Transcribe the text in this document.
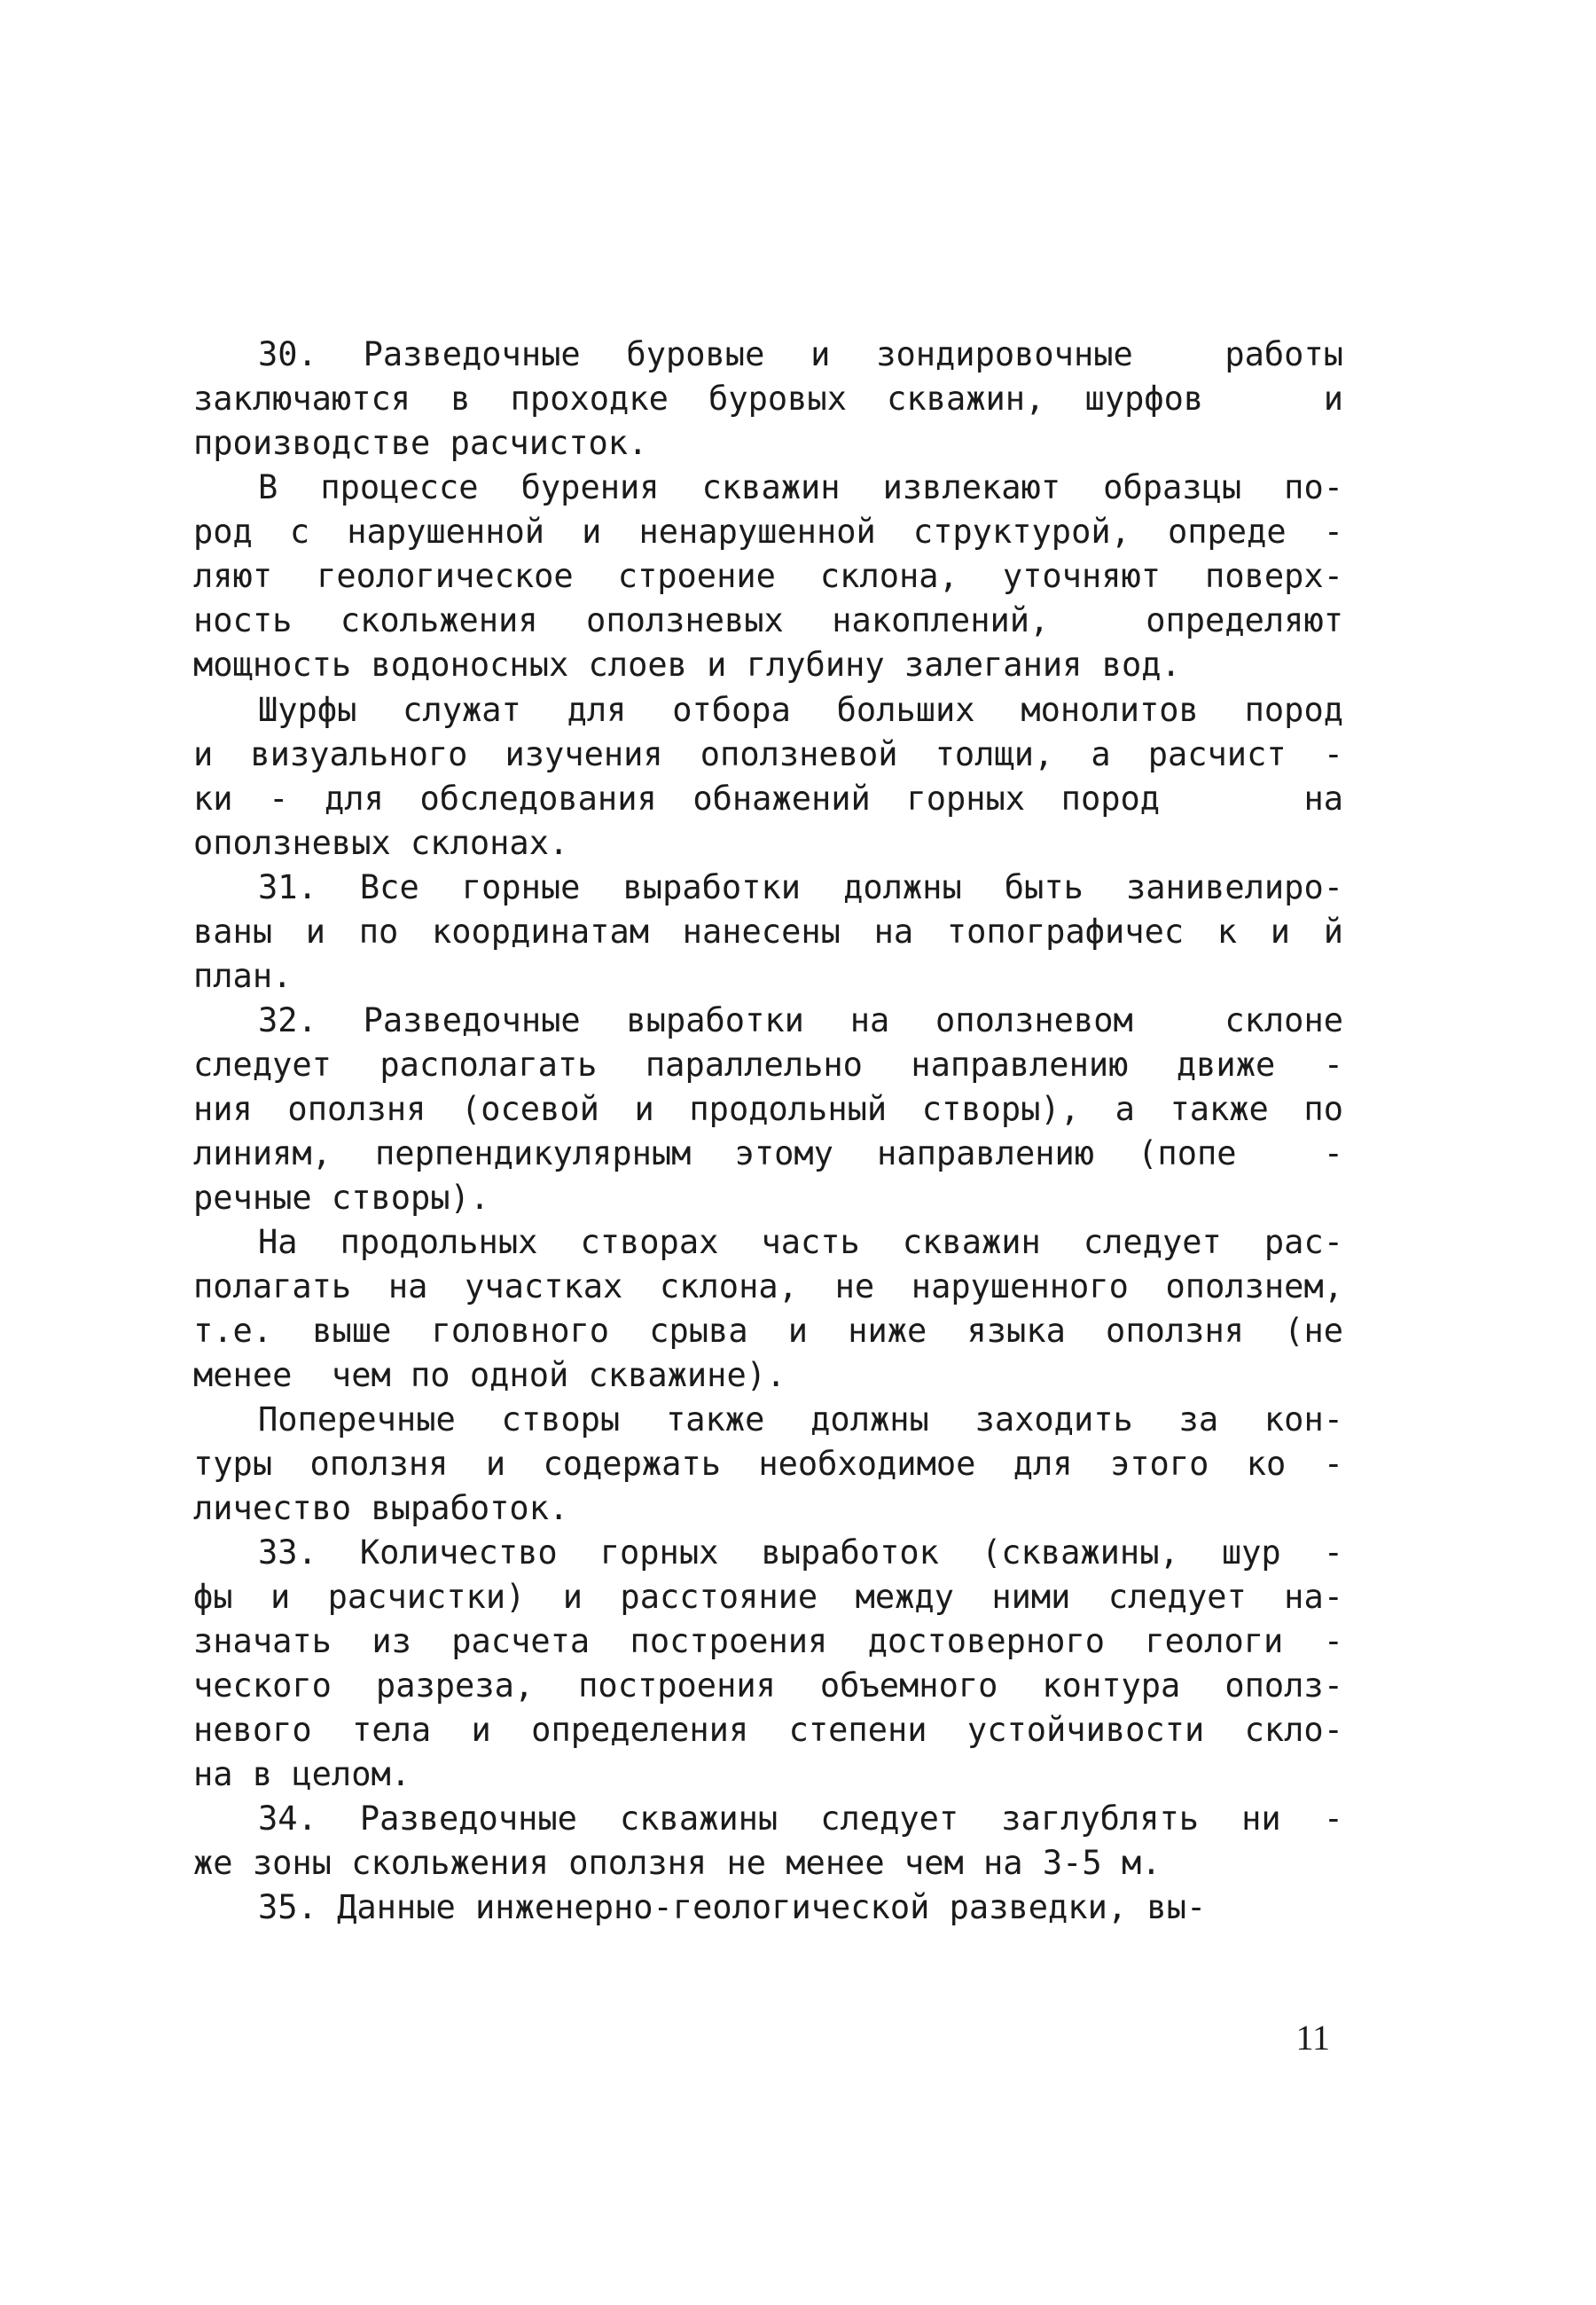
30. Разведочные буровые и зондировочные  работы
заключаются в проходке буровых скважин, шурфов   и
производстве расчисток.
В процессе бурения скважин извлекают образцы по-
род с нарушенной и ненарушенной структурой, опреде -
ляют геологическое строение склона, уточняют поверх-
ность скольжения оползневых накоплений,  определяют
мощность водоносных слоев и глубину залегания вод.
Шурфы служат для отбора больших монолитов пород
и визуального изучения оползневой толщи, а расчист -
ки - для обследования обнажений горных пород    на
оползневых склонах.
31. Все горные выработки должны быть занивелиро-
ваны и по координатам нанесены на топографичес к и й
план.
32. Разведочные выработки на оползневом  склоне
следует располагать параллельно направлению движе -
ния оползня (осевой и продольный створы), а также по
линиям, перпендикулярным этому направлению (попе  -
речные створы).
На продольных створах часть скважин следует рас-
полагать на участках склона, не нарушенного оползнем,
т.е. выше головного срыва и ниже языка оползня (не
менее  чем по одной скважине).
Поперечные створы также должны заходить за кон-
туры оползня и содержать необходимое для этого ко -
личество выработок.
33. Количество горных выработок (скважины, шур -
фы и расчистки) и расстояние между ними следует на-
значать из расчета построения достоверного геологи -
ческого разреза, построения объемного контура ополз-
невого тела и определения степени устойчивости скло-
на в целом.
34. Разведочные скважины следует заглублять ни -
же зоны скольжения оползня не менее чем на 3-5 м.
35. Данные инженерно-геологической разведки, вы-
11
